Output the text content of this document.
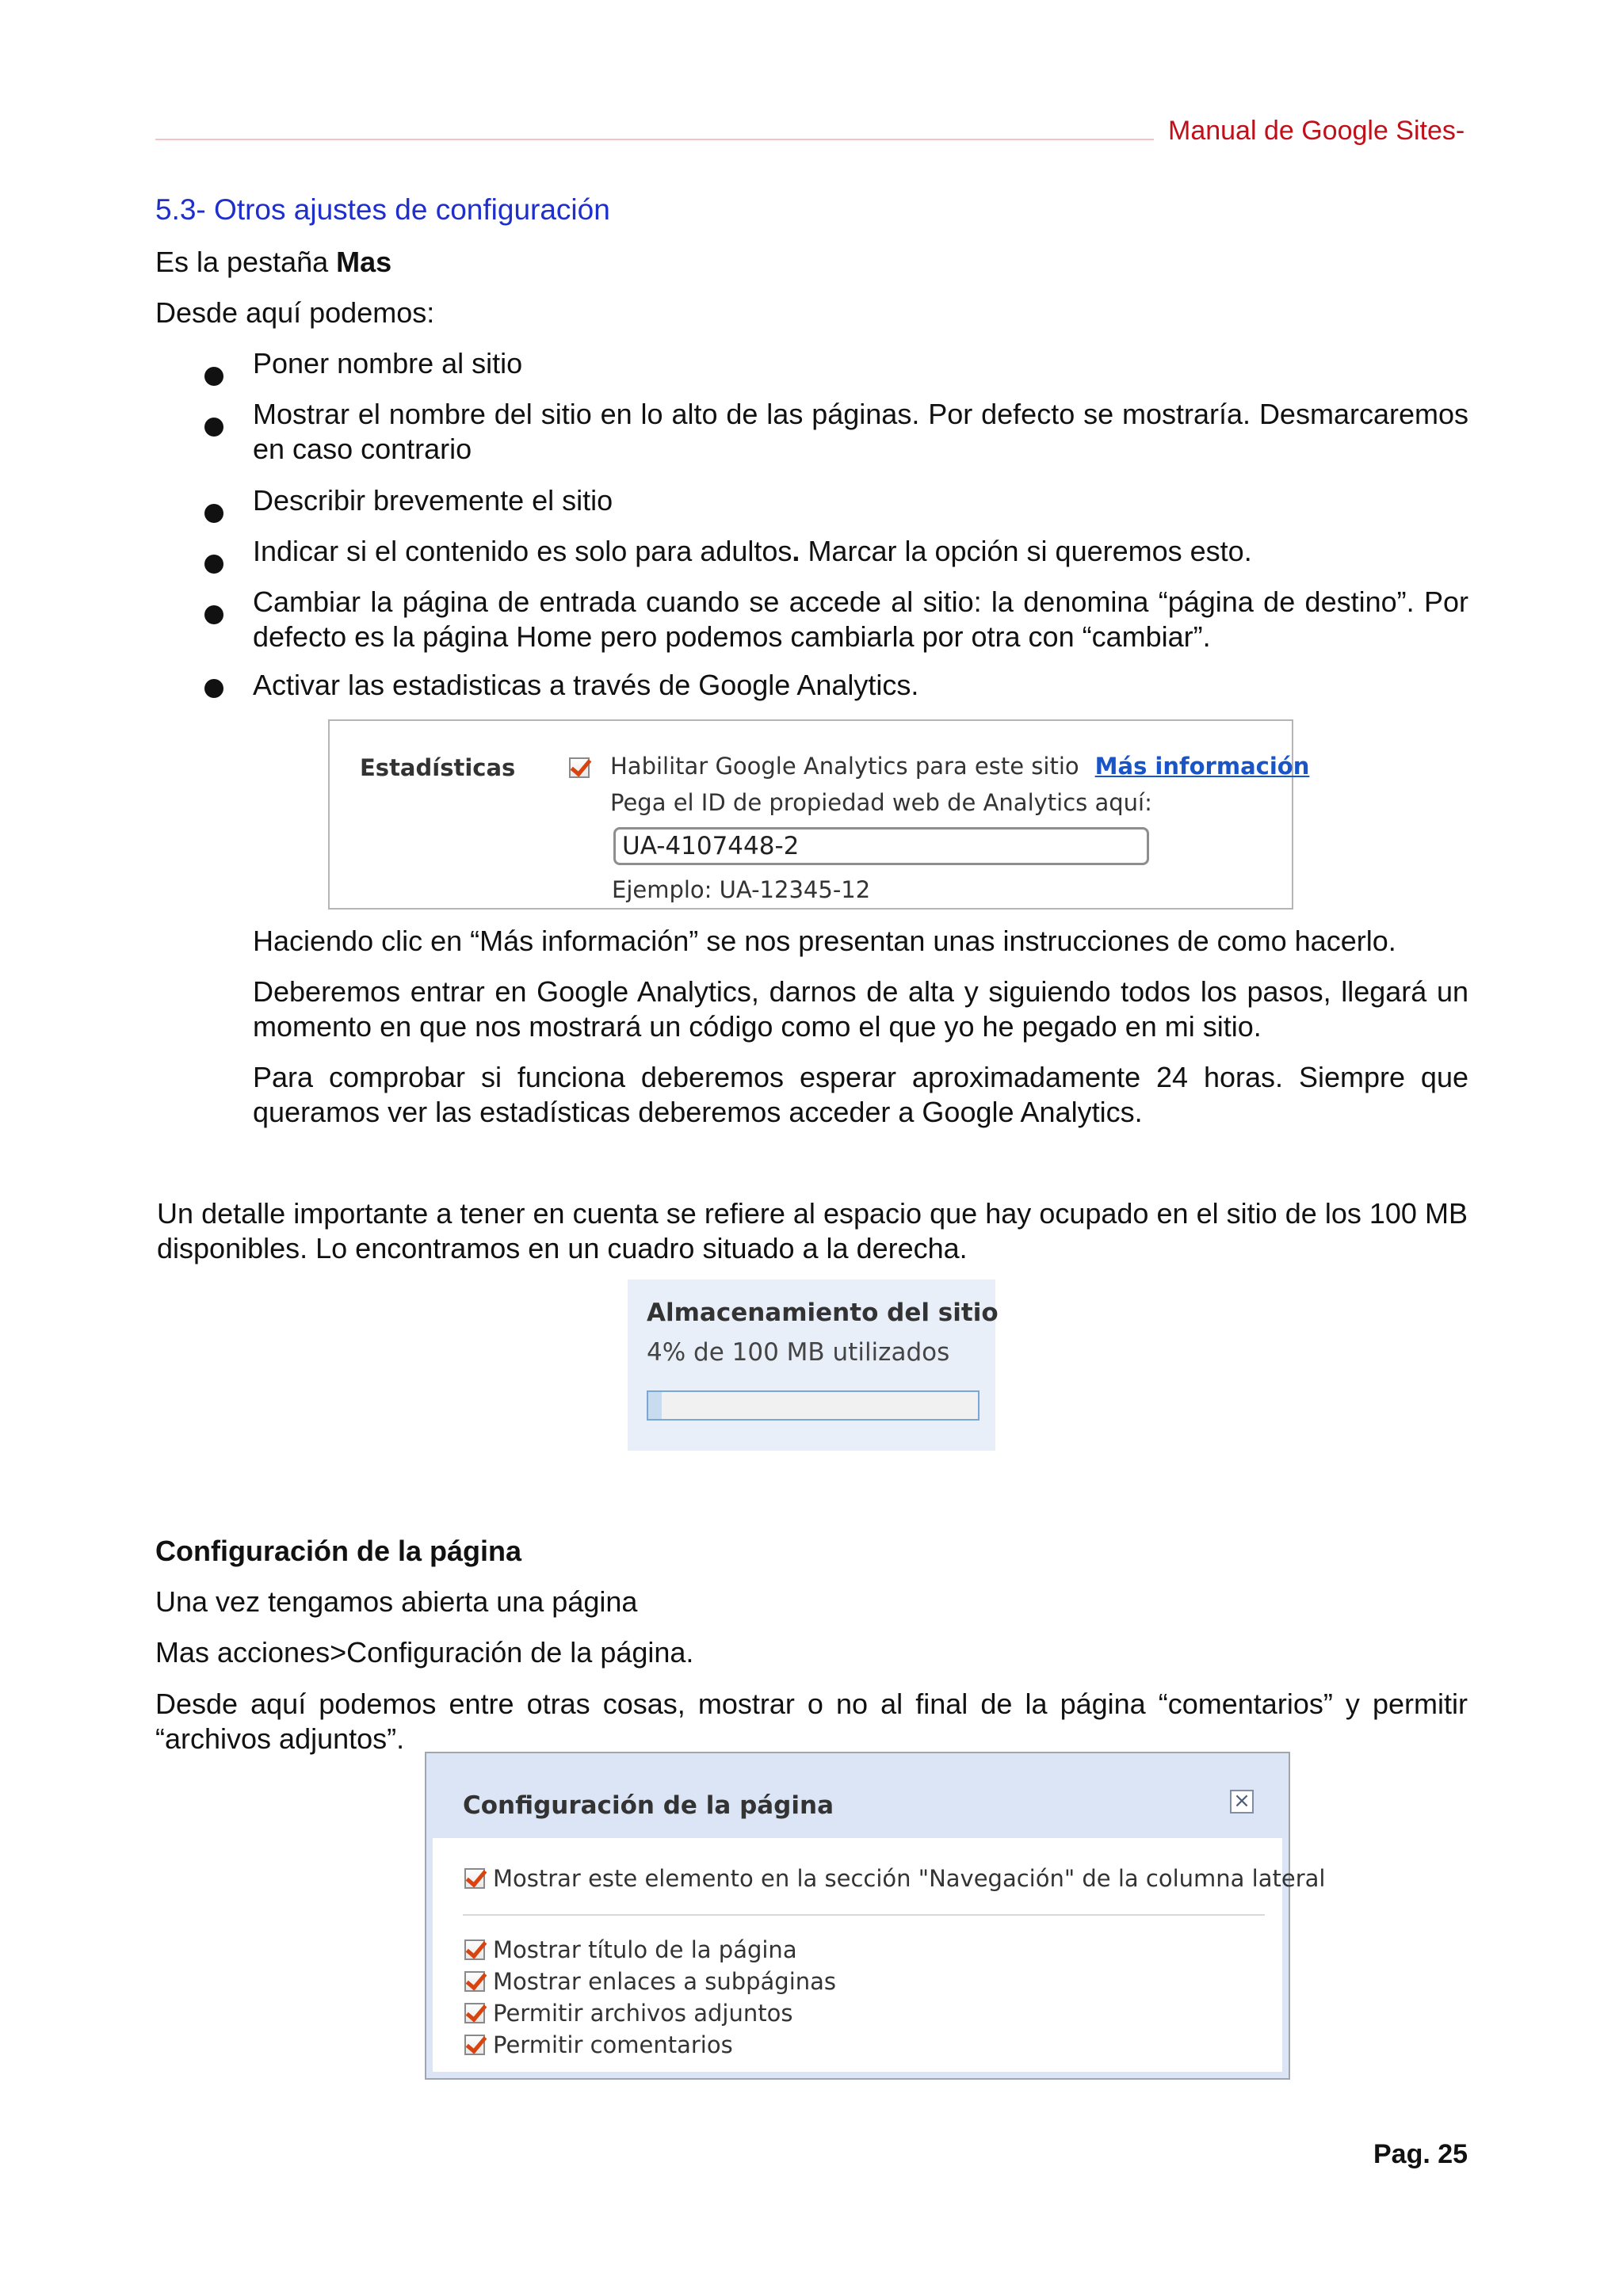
Manual de Google Sites-
5.3- Otros ajustes de configuración
Es la pestaña Mas
Desde aquí podemos:
Poner nombre al sitio
Mostrar el nombre del sitio en lo alto de las páginas. Por defecto se mostraría. Desmarcaremos en caso contrario
Describir brevemente el sitio
Indicar si el contenido es solo para adultos. Marcar la opción si queremos esto.
Cambiar la página de entrada cuando se accede al sitio: la denomina “página de destino”. Por defecto es la página Home pero podemos cambiarla por otra con “cambiar”.
Activar las estadisticas a través de Google Analytics.
Estadísticas	Habilitar Google Analytics para este sitio Más información
Pega el ID de propiedad web de Analytics aquí:
UA-4107448-2
Ejemplo: UA-12345-12
Haciendo clic en “Más información” se nos presentan unas instrucciones de como hacerlo.
Deberemos entrar en Google Analytics, darnos de alta y siguiendo todos los pasos, llegará un momento en que nos mostrará un código como el que yo he pegado en mi sitio.
Para comprobar si funciona deberemos esperar aproximadamente 24 horas. Siempre que queramos ver las estadísticas deberemos acceder a Google Analytics.
Un detalle importante a tener en cuenta se refiere al espacio que hay ocupado en el sitio de los 100 MB disponibles. Lo encontramos en un cuadro situado a la derecha.
Almacenamiento del sitio
4% de 100 MB utilizados
Configuración de la página
Una vez tengamos abierta una página
Mas acciones>Configuración de la página.
Desde aquí podemos entre otras cosas, mostrar o no al final de la página “comentarios” y permitir “archivos adjuntos”.
Configuración de la página	×
Mostrar este elemento en la sección "Navegación" de la columna lateral
Mostrar título de la página
Mostrar enlaces a subpáginas
Permitir archivos adjuntos
Permitir comentarios
Pag. 25
